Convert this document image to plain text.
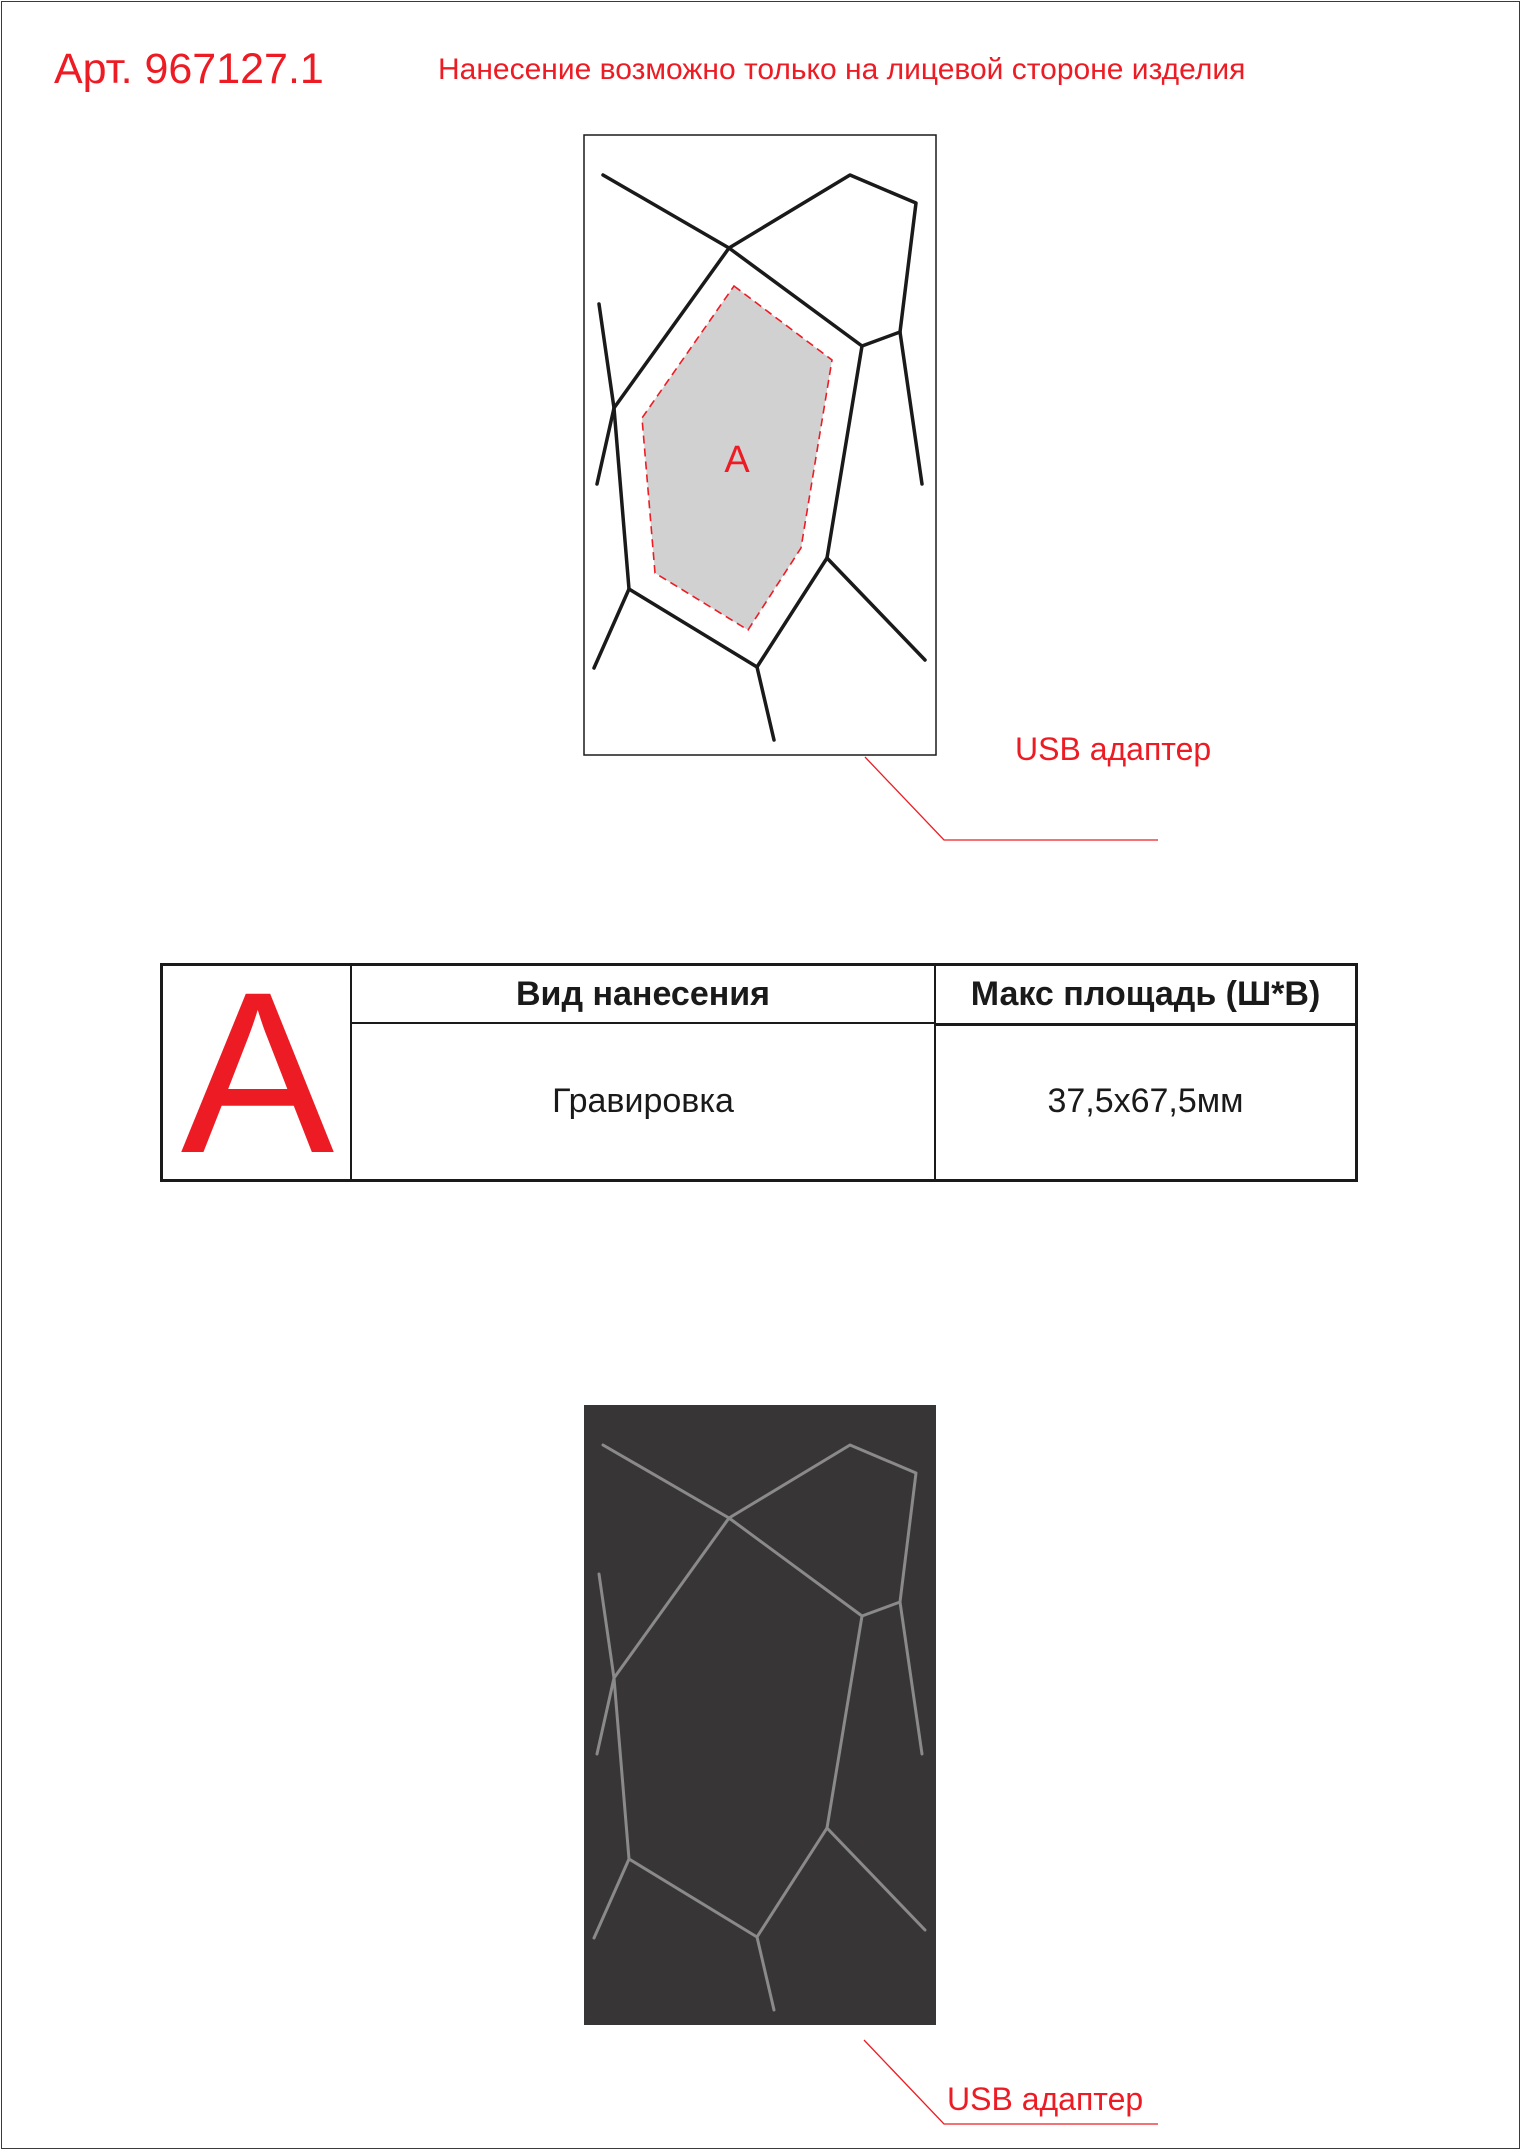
Арт. 967127.1	Нанесение возможно только на лицевой стороне изделия
A
USB адаптер
A	Вид нанесения	Макс площадь (Ш*В)
Гравировка	37,5x67,5мм
USB адаптер
